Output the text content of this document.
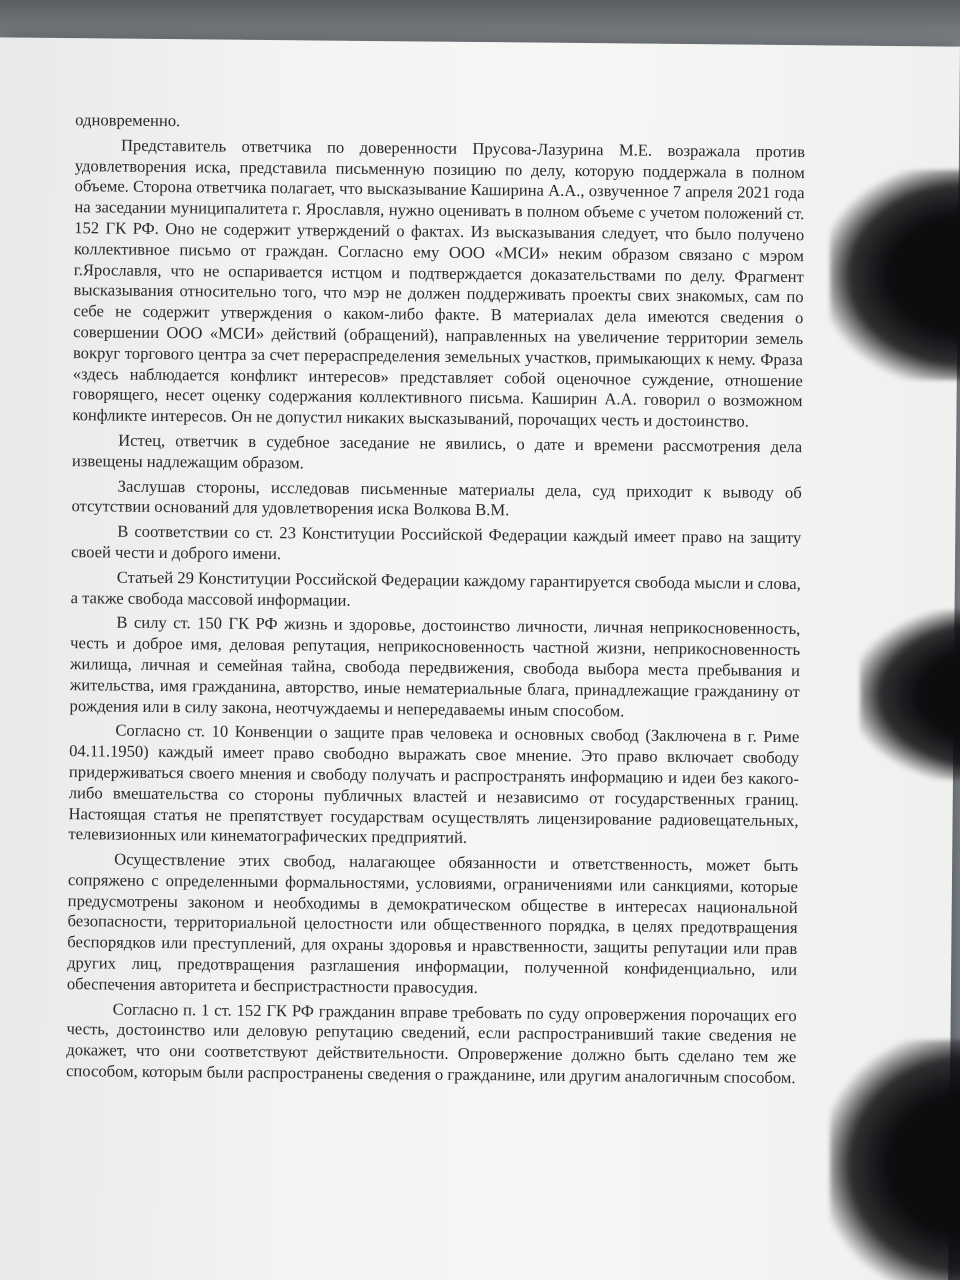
одновременно.

Представитель ответчика по доверенности Прусова-Лазурина М.Е. возражала против удовлетворения иска, представила письменную позицию по делу, которую поддержала в полном объеме. Сторона ответчика полагает, что высказывание Каширина А.А., озвученное 7 апреля 2021 года на заседании муниципалитета г. Ярославля, нужно оценивать в полном объеме с учетом положений ст. 152 ГК РФ. Оно не содержит утверждений о фактах. Из высказывания следует, что было получено коллективное письмо от граждан. Согласно ему ООО «МСИ» неким образом связано с мэром г.Ярославля, что не оспаривается истцом и подтверждается доказательствами по делу. Фрагмент высказывания относительно того, что мэр не должен поддерживать проекты свих знакомых, сам по себе не содержит утверждения о каком-либо факте. В материалах дела имеются сведения о совершении ООО «МСИ» действий (обращений), направленных на увеличение территории земель вокруг торгового центра за счет перераспределения земельных участков, примыкающих к нему. Фраза «здесь наблюдается конфликт интересов» представляет собой оценочное суждение, отношение говорящего, несет оценку содержания коллективного письма. Каширин А.А. говорил о возможном конфликте интересов. Он не допустил никаких высказываний, порочащих честь и достоинство.

Истец, ответчик в судебное заседание не явились, о дате и времени рассмотрения дела извещены надлежащим образом.

Заслушав стороны, исследовав письменные материалы дела, суд приходит к выводу об отсутствии оснований для удовлетворения иска Волкова В.М.

В соответствии со ст. 23 Конституции Российской Федерации каждый имеет право на защиту своей чести и доброго имени.

Статьей 29 Конституции Российской Федерации каждому гарантируется свобода мысли и слова, а также свобода массовой информации.

В силу ст. 150 ГК РФ жизнь и здоровье, достоинство личности, личная неприкосновенность, честь и доброе имя, деловая репутация, неприкосновенность частной жизни, неприкосновенность жилища, личная и семейная тайна, свобода передвижения, свобода выбора места пребывания и жительства, имя гражданина, авторство, иные нематериальные блага, принадлежащие гражданину от рождения или в силу закона, неотчуждаемы и непередаваемы иным способом.

Согласно ст. 10 Конвенции о защите прав человека и основных свобод (Заключена в г. Риме 04.11.1950) каждый имеет право свободно выражать свое мнение. Это право включает свободу придерживаться своего мнения и свободу получать и распространять информацию и идеи без какого-либо вмешательства со стороны публичных властей и независимо от государственных границ. Настоящая статья не препятствует государствам осуществлять лицензирование радиовещательных, телевизионных или кинематографических предприятий.

Осуществление этих свобод, налагающее обязанности и ответственность, может быть сопряжено с определенными формальностями, условиями, ограничениями или санкциями, которые предусмотрены законом и необходимы в демократическом обществе в интересах национальной безопасности, территориальной целостности или общественного порядка, в целях предотвращения беспорядков или преступлений, для охраны здоровья и нравственности, защиты репутации или прав других лиц, предотвращения разглашения информации, полученной конфиденциально, или обеспечения авторитета и беспристрастности правосудия.

Согласно п. 1 ст. 152 ГК РФ гражданин вправе требовать по суду опровержения порочащих его честь, достоинство или деловую репутацию сведений, если распространивший такие сведения не докажет, что они соответствуют действительности. Опровержение должно быть сделано тем же способом, которым были распространены сведения о гражданине, или другим аналогичным способом.
